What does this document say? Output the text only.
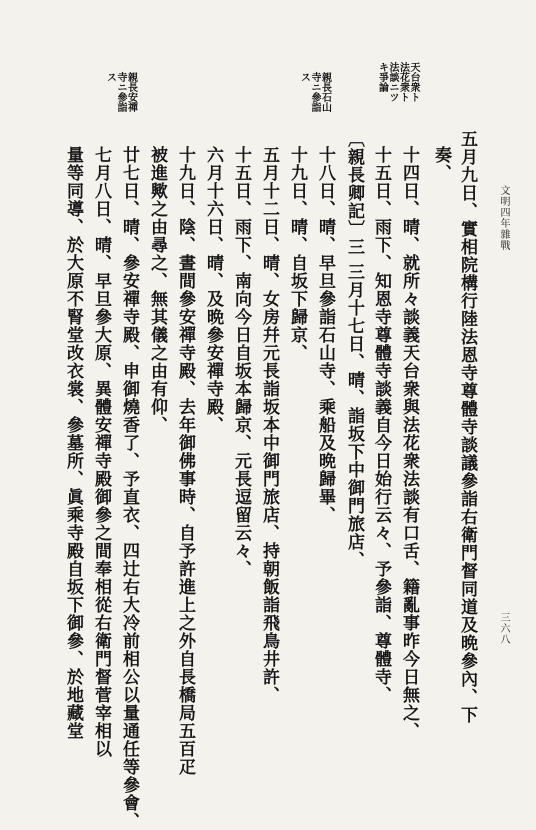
文明四年雜戰
三六八
天台衆ト
法花衆ト
法談ニツ
キ爭論
親長石山
寺ニ參詣
ス
親長安禪
寺ニ參詣
ス
五月九日、實相院構行陸法恩寺尊體寺談議參詣右衛門督同道及晩參內、下
奏、
十四日、晴、就所々談義天台衆與法花衆法談有口舌、籍亂事昨今日無之、
十五日、雨下、知恩寺尊體寺談義自今日始行云々、予參詣、尊體寺、
〔親長卿記〕三 三月十七日、晴、詣坂下中御門旅店、
十八日、晴、早旦參詣石山寺、乘船及晩歸畢、
十九日、晴、自坂下歸京、
五月十二日、晴、女房幷元長詣坂本中御門旅店、持朝飯詣飛鳥井許、
十五日、雨下、南向今日自坂本歸京、元長逗留云々、
六月十六日、晴、及晩參安禪寺殿、
十九日、陰、晝間參安禪寺殿、去年御佛事時、自予許進上之外自長橋局五百疋
被進歟之由尋之、無其儀之由有仰、
廿七日、晴、參安禪寺殿、申御燒香了、予直衣、四辻右大冷前相公以量通任等參會、
七月八日、晴、早旦參大原、異體安禪寺殿御參之間奉相從右衛門督菅宰相以
量等同導、於大原不腎堂改衣裳、參墓所、眞乘寺殿自坂下御參、於地藏堂
